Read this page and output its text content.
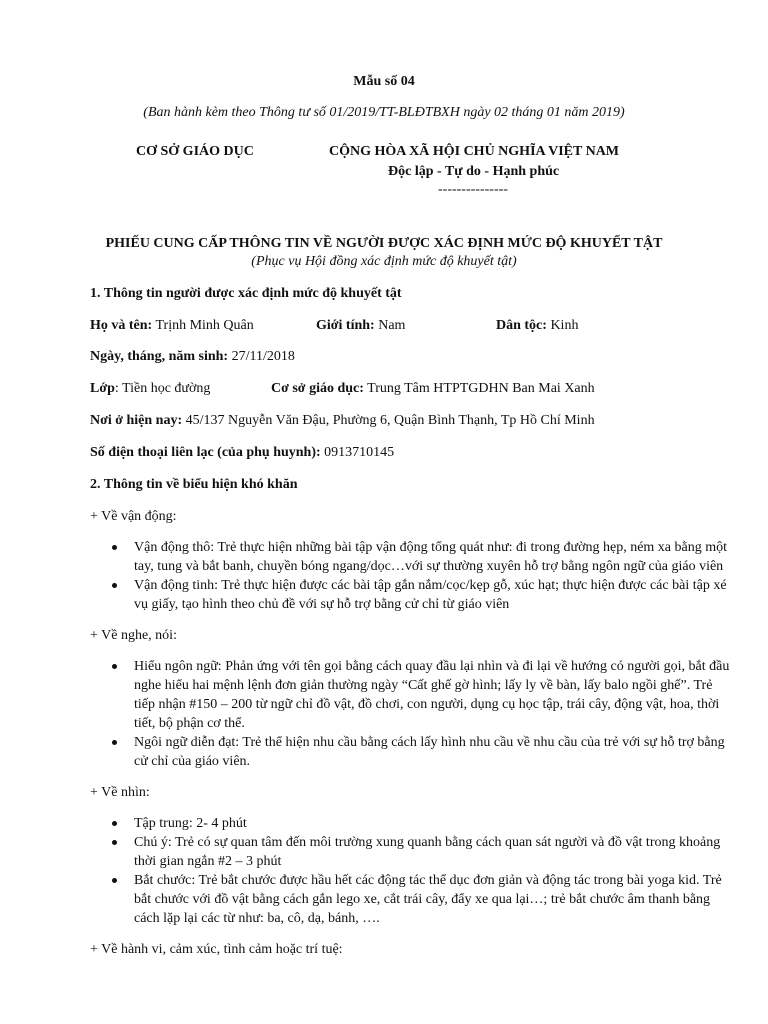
Mẫu số 04
(Ban hành kèm theo Thông tư số 01/2019/TT-BLĐTBXH ngày 02 tháng 01 năm 2019)
CƠ SỞ GIÁO DỤC	CỘNG HÒA XÃ HỘI CHỦ NGHĨA VIỆT NAM
Độc lập - Tự do - Hạnh phúc
---------------
PHIẾU CUNG CẤP THÔNG TIN VỀ NGƯỜI ĐƯỢC XÁC ĐỊNH MỨC ĐỘ KHUYẾT TẬT
(Phục vụ Hội đồng xác định mức độ khuyết tật)
1. Thông tin người được xác định mức độ khuyết tật
Họ và tên: Trịnh Minh Quân	Giới tính: Nam	Dân tộc: Kinh
Ngày, tháng, năm sinh: 27/11/2018
Lớp: Tiền học đường	Cơ sở giáo dục: Trung Tâm HTPTGDHN Ban Mai Xanh
Nơi ở hiện nay: 45/137 Nguyễn Văn Đậu, Phường 6, Quận Bình Thạnh, Tp Hồ Chí Minh
Số điện thoại liên lạc (của phụ huynh): 0913710145
2. Thông tin về biểu hiện khó khăn
+ Về vận động:
Vận động thô: Trẻ thực hiện những bài tập vận động tổng quát như: đi trong đường hẹp, ném xa bằng một tay, tung và bắt banh, chuyền bóng ngang/dọc…với sự thường xuyên hỗ trợ bằng ngôn ngữ của giáo viên
Vận động tinh: Trẻ thực hiện được các bài tập gắn nắm/cọc/kẹp gỗ, xúc hạt; thực hiện được các bài tập xé vụ giấy, tạo hình theo chủ đề với sự hỗ trợ bằng cử chỉ từ giáo viên
+ Về nghe, nói:
Hiểu ngôn ngữ: Phản ứng với tên gọi bằng cách quay đầu lại nhìn và đi lại về hướng có người gọi, bắt đầu nghe hiểu hai mệnh lệnh đơn giản thường ngày “Cất ghế gờ hình; lấy ly về bàn, lấy balo ngồi ghế”. Trẻ tiếp nhận #150 – 200 từ ngữ chỉ đồ vật, đồ chơi, con người, dụng cụ học tập, trái cây, động vật, hoa, thời tiết, bộ phận cơ thể.
Ngôi ngữ diễn đạt: Trẻ thể hiện nhu cầu bằng cách lấy hình nhu cầu về nhu cầu của trẻ với sự hỗ trợ bằng cử chỉ của giáo viên.
+ Về nhìn:
Tập trung: 2- 4 phút
Chú ý: Trẻ có sự quan tâm đến môi trường xung quanh bằng cách quan sát người và đồ vật trong khoảng thời gian ngắn #2 – 3 phút
Bắt chước: Trẻ bắt chước được hầu hết các động tác thể dục đơn giản và động tác trong bài yoga kid. Trẻ bắt chước với đồ vật bằng cách gắn lego xe, cắt trái cây, đẩy xe qua lại…; trẻ bắt chước âm thanh bằng cách lặp lại các từ như: ba, cô, dạ, bánh, ….
+ Về hành vi, cảm xúc, tình cảm hoặc trí tuệ:
